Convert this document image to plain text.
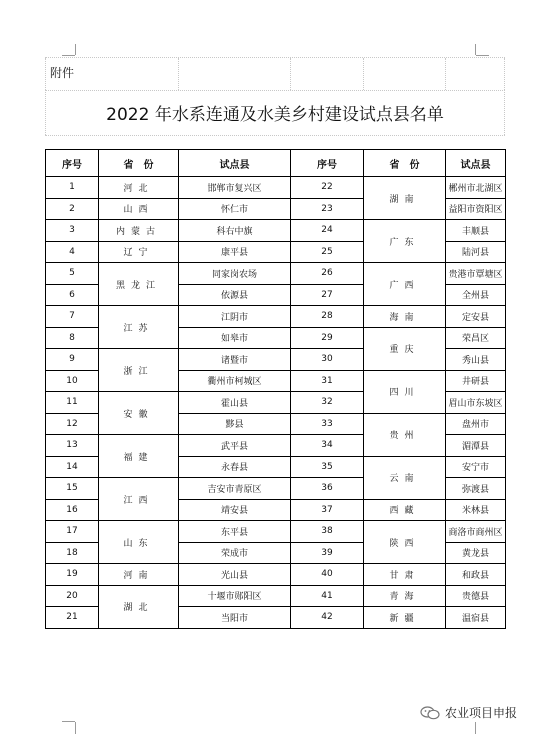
附件
2022 年水系连通及水美乡村建设试点县名单
序号	省　份	试点县	序号	省　份	试点县
1	河北	邯郸市复兴区	22	湖南	郴州市北湖区
2	山西	怀仁市	23		益阳市资阳区
3	内蒙古	科右中旗	24	广东	丰顺县
4	辽宁	康平县	25		陆河县
5	黑龙江	同家岗农场	26	广西	贵港市覃塘区
6		依源县	27		全州县
7	江苏	江阴市	28	海南	定安县
8		如皋市	29	重庆	荣昌区
9	浙江	诸暨市	30		秀山县
10		衢州市柯城区	31	四川	井研县
11	安徽	霍山县	32		眉山市东坡区
12		黟县	33	贵州	盘州市
13	福建	武平县	34		湄潭县
14		永春县	35	云南	安宁市
15	江西	吉安市青原区	36		弥渡县
16		靖安县	37	西藏	米林县
17	山东	东平县	38	陕西	商洛市商州区
18		荣成市	39		黄龙县
19	河南	光山县	40	甘肃	和政县
20	湖北	十堰市郧阳区	41	青海	贵德县
21		当阳市	42	新疆	温宿县
农业项目申报
